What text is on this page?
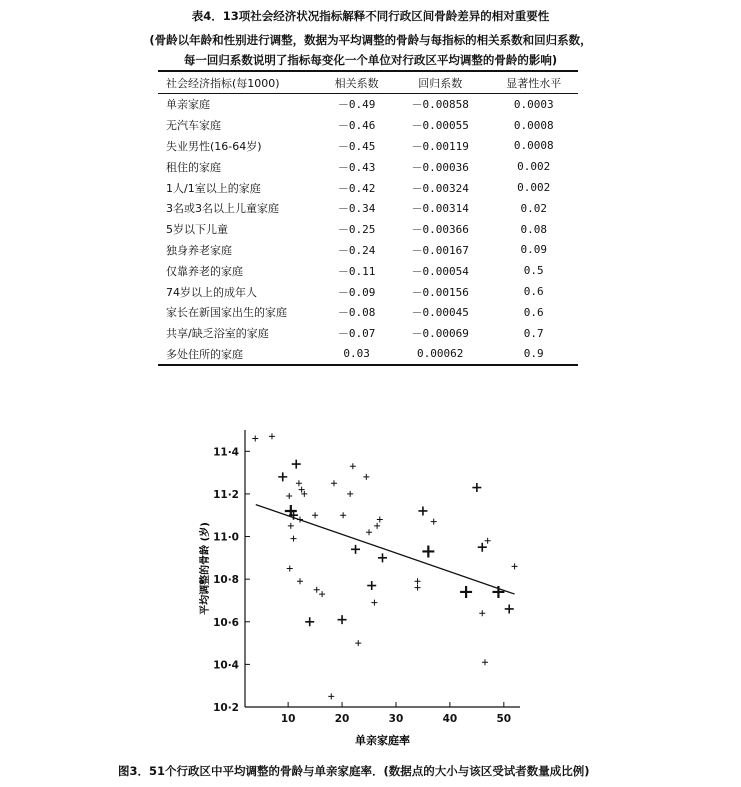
表4．13项社会经济状况指标解释不同行政区间骨龄差异的相对重要性
(骨龄以年龄和性别进行调整，数据为平均调整的骨龄与每指标的相关系数和回归系数，
每一回归系数说明了指标每变化一个单位对行政区平均调整的骨龄的影响)
社会经济指标(每1000)	相关系数	回归系数	显著性水平
单亲家庭	－0.49	－0.00858	0.0003
无汽车家庭	－0.46	－0.00055	0.0008
失业男性(16-64岁)	－0.45	－0.00119	0.0008
租住的家庭	－0.43	－0.00036	0.002
1人/1室以上的家庭	－0.42	－0.00324	0.002
3名或3名以上儿童家庭	－0.34	－0.00314	0.02
5岁以下儿童	－0.25	－0.00366	0.08
独身养老家庭	－0.24	－0.00167	0.09
仅靠养老的家庭	－0.11	－0.00054	0.5
74岁以上的成年人	－0.09	－0.00156	0.6
家长在新国家出生的家庭	－0.08	－0.00045	0.6
共享/缺乏浴室的家庭	－0.07	－0.00069	0.7
多处住所的家庭	0.03	0.00062	0.9
10·2
10·4
10·6
10·8
11·0
11·2
11·4
10	20	30	40	50
单亲家庭率
平均调整的骨龄 (岁)
图3．51个行政区中平均调整的骨龄与单亲家庭率．(数据点的大小与该区受试者数量成比例)
